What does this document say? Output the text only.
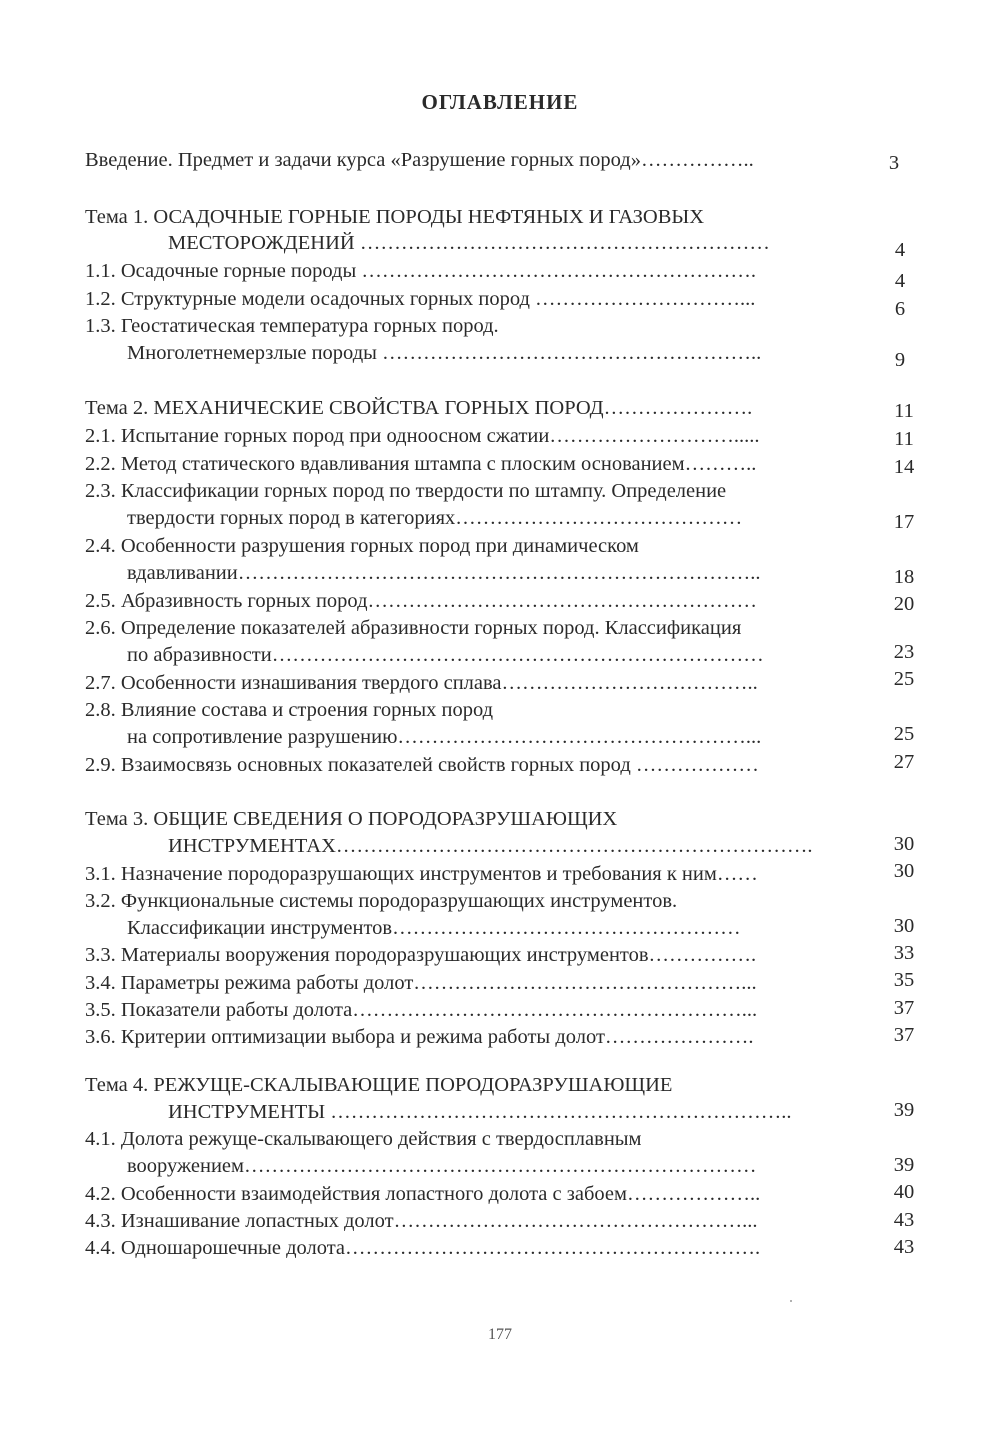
ОГЛАВЛЕНИЕ
Введение. Предмет и задачи курса «Разрушение горных пород»……………..	3
Тема 1. ОСАДОЧНЫЕ ГОРНЫЕ ПОРОДЫ НЕФТЯНЫХ И ГАЗОВЫХ
МЕСТОРОЖДЕНИЙ ……………………………………………………	4
1.1. Осадочные горные породы ………………………………………………….	4
1.2. Структурные модели осадочных горных пород …………………………...	6
1.3. Геостатическая температура горных пород.
Многолетнемерзлые породы ………………………………………………..	9
Тема 2. МЕХАНИЧЕСКИЕ СВОЙСТВА ГОРНЫХ ПОРОД………………….	11
2.1. Испытание горных пород при одноосном сжатии……………………….....	11
2.2. Метод статического вдавливания штампа с плоским основанием………..	14
2.3. Классификации горных пород по твердости по штампу. Определение
твердости горных пород в категориях……………………………………	17
2.4. Особенности разрушения горных пород при динамическом
вдавливании…………………………………………………………………..	18
2.5. Абразивность горных пород…………………………………………………	20
2.6. Определение показателей абразивности горных пород. Классификация
по абразивности………………………………………………………………	23
2.7. Особенности изнашивания твердого сплава………………………………..	25
2.8. Влияние состава и строения горных пород
на сопротивление разрушению……………………………………………...	25
2.9. Взаимосвязь основных показателей свойств горных пород ………………	27
Тема 3. ОБЩИЕ СВЕДЕНИЯ О ПОРОДОРАЗРУШАЮЩИХ
ИНСТРУМЕНТАХ…………………………………………………………….	30
3.1. Назначение породоразрушающих инструментов и требования к ним……	30
3.2. Функциональные системы породоразрушающих инструментов.
Классификации инструментов……………………………………………	30
3.3. Материалы вооружения породоразрушающих инструментов…………….	33
3.4. Параметры режима работы долот…………………………………………...	35
3.5. Показатели работы долота…………………………………………………...	37
3.6. Критерии оптимизации выбора и режима работы долот………………….	37
Тема 4. РЕЖУЩЕ-СКАЛЫВАЮЩИЕ ПОРОДОРАЗРУШАЮЩИЕ
ИНСТРУМЕНТЫ …………………………………………………………..	39
4.1. Долота режуще-скалывающего действия с твердосплавным
вооружением…………………………………………………………………	39
4.2. Особенности взаимодействия лопастного долота с забоем………………..	40
4.3. Изнашивание лопастных долот……………………………………………...	43
4.4. Одношарошечные долота…………………………………………………….	43
177
